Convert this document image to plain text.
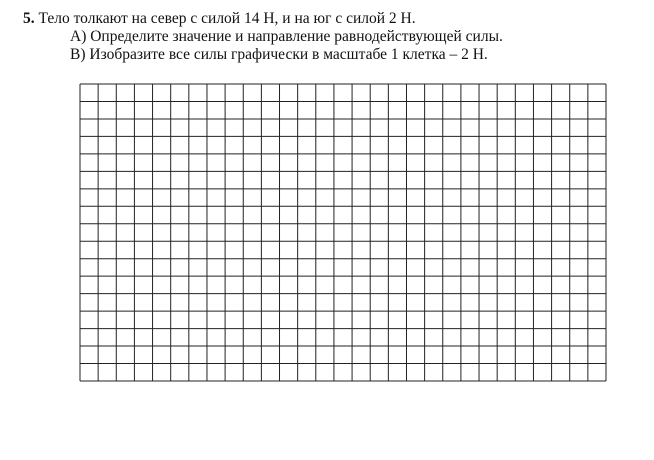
5. Тело толкают на север с силой 14 Н, и на юг с силой 2 Н.
А) Определите значение и направление равнодействующей силы.
В) Изобразите все силы графически в масштабе 1 клетка – 2 Н.
